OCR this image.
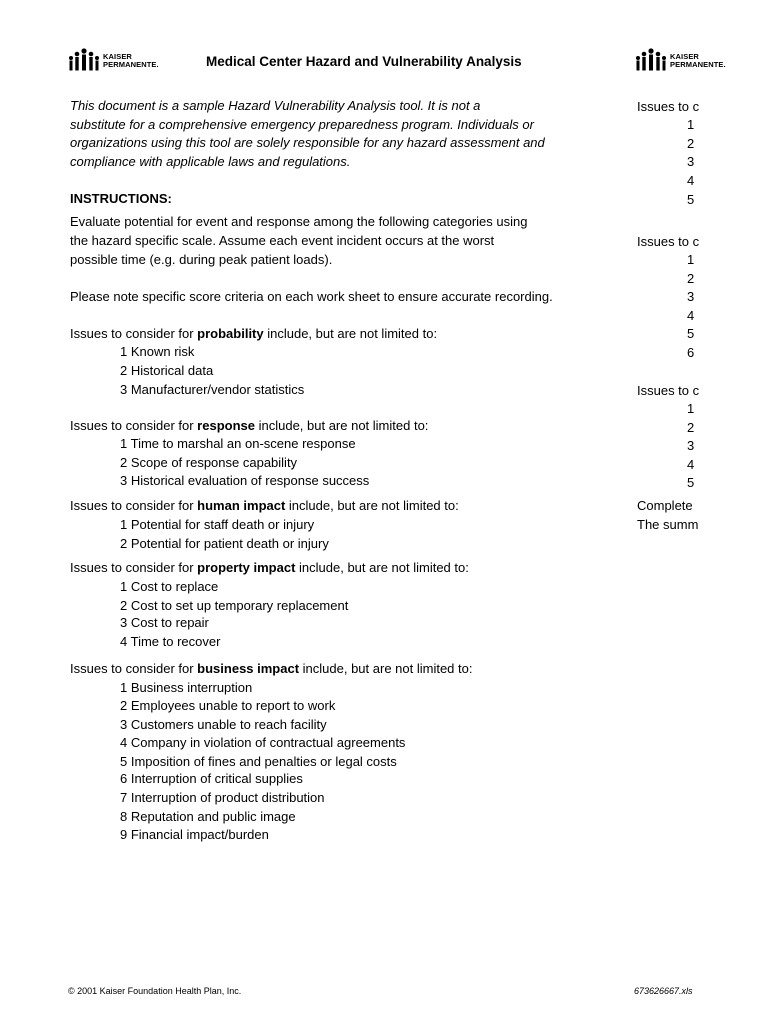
KAISER
PERMANENTE.	Medical Center Hazard and Vulnerability Analysis	KAISER
PERMANENTE.
This document is a sample Hazard Vulnerability Analysis tool. It is not a
substitute for a comprehensive emergency preparedness program. Individuals or
organizations using this tool are solely responsible for any hazard assessment and
compliance with applicable laws and regulations.
INSTRUCTIONS:
Evaluate potential for event and response among the following categories using
the hazard specific scale. Assume each event incident occurs at the worst
possible time (e.g. during peak patient loads).
Please note specific score criteria on each work sheet to ensure accurate recording.
Issues to consider for probability include, but are not limited to:
1 Known risk
2 Historical data
3 Manufacturer/vendor statistics
Issues to consider for response include, but are not limited to:
1 Time to marshal an on-scene response
2 Scope of response capability
3 Historical evaluation of response success
Issues to consider for human impact include, but are not limited to:
1 Potential for staff death or injury
2 Potential for patient death or injury
Issues to consider for property impact include, but are not limited to:
1 Cost to replace
2 Cost to set up temporary replacement
3 Cost to repair
4 Time to recover
Issues to consider for business impact include, but are not limited to:
1 Business interruption
2 Employees unable to report to work
3 Customers unable to reach facility
4 Company in violation of contractual agreements
5 Imposition of fines and penalties or legal costs
6 Interruption of critical supplies
7 Interruption of product distribution
8 Reputation and public image
9 Financial impact/burden
Issues to c
1
2
3
4
5
Issues to c
1
2
3
4
5
6
Issues to c
1
2
3
4
5
Complete
The summ
© 2001 Kaiser Foundation Health Plan, Inc.	673626667.xls
